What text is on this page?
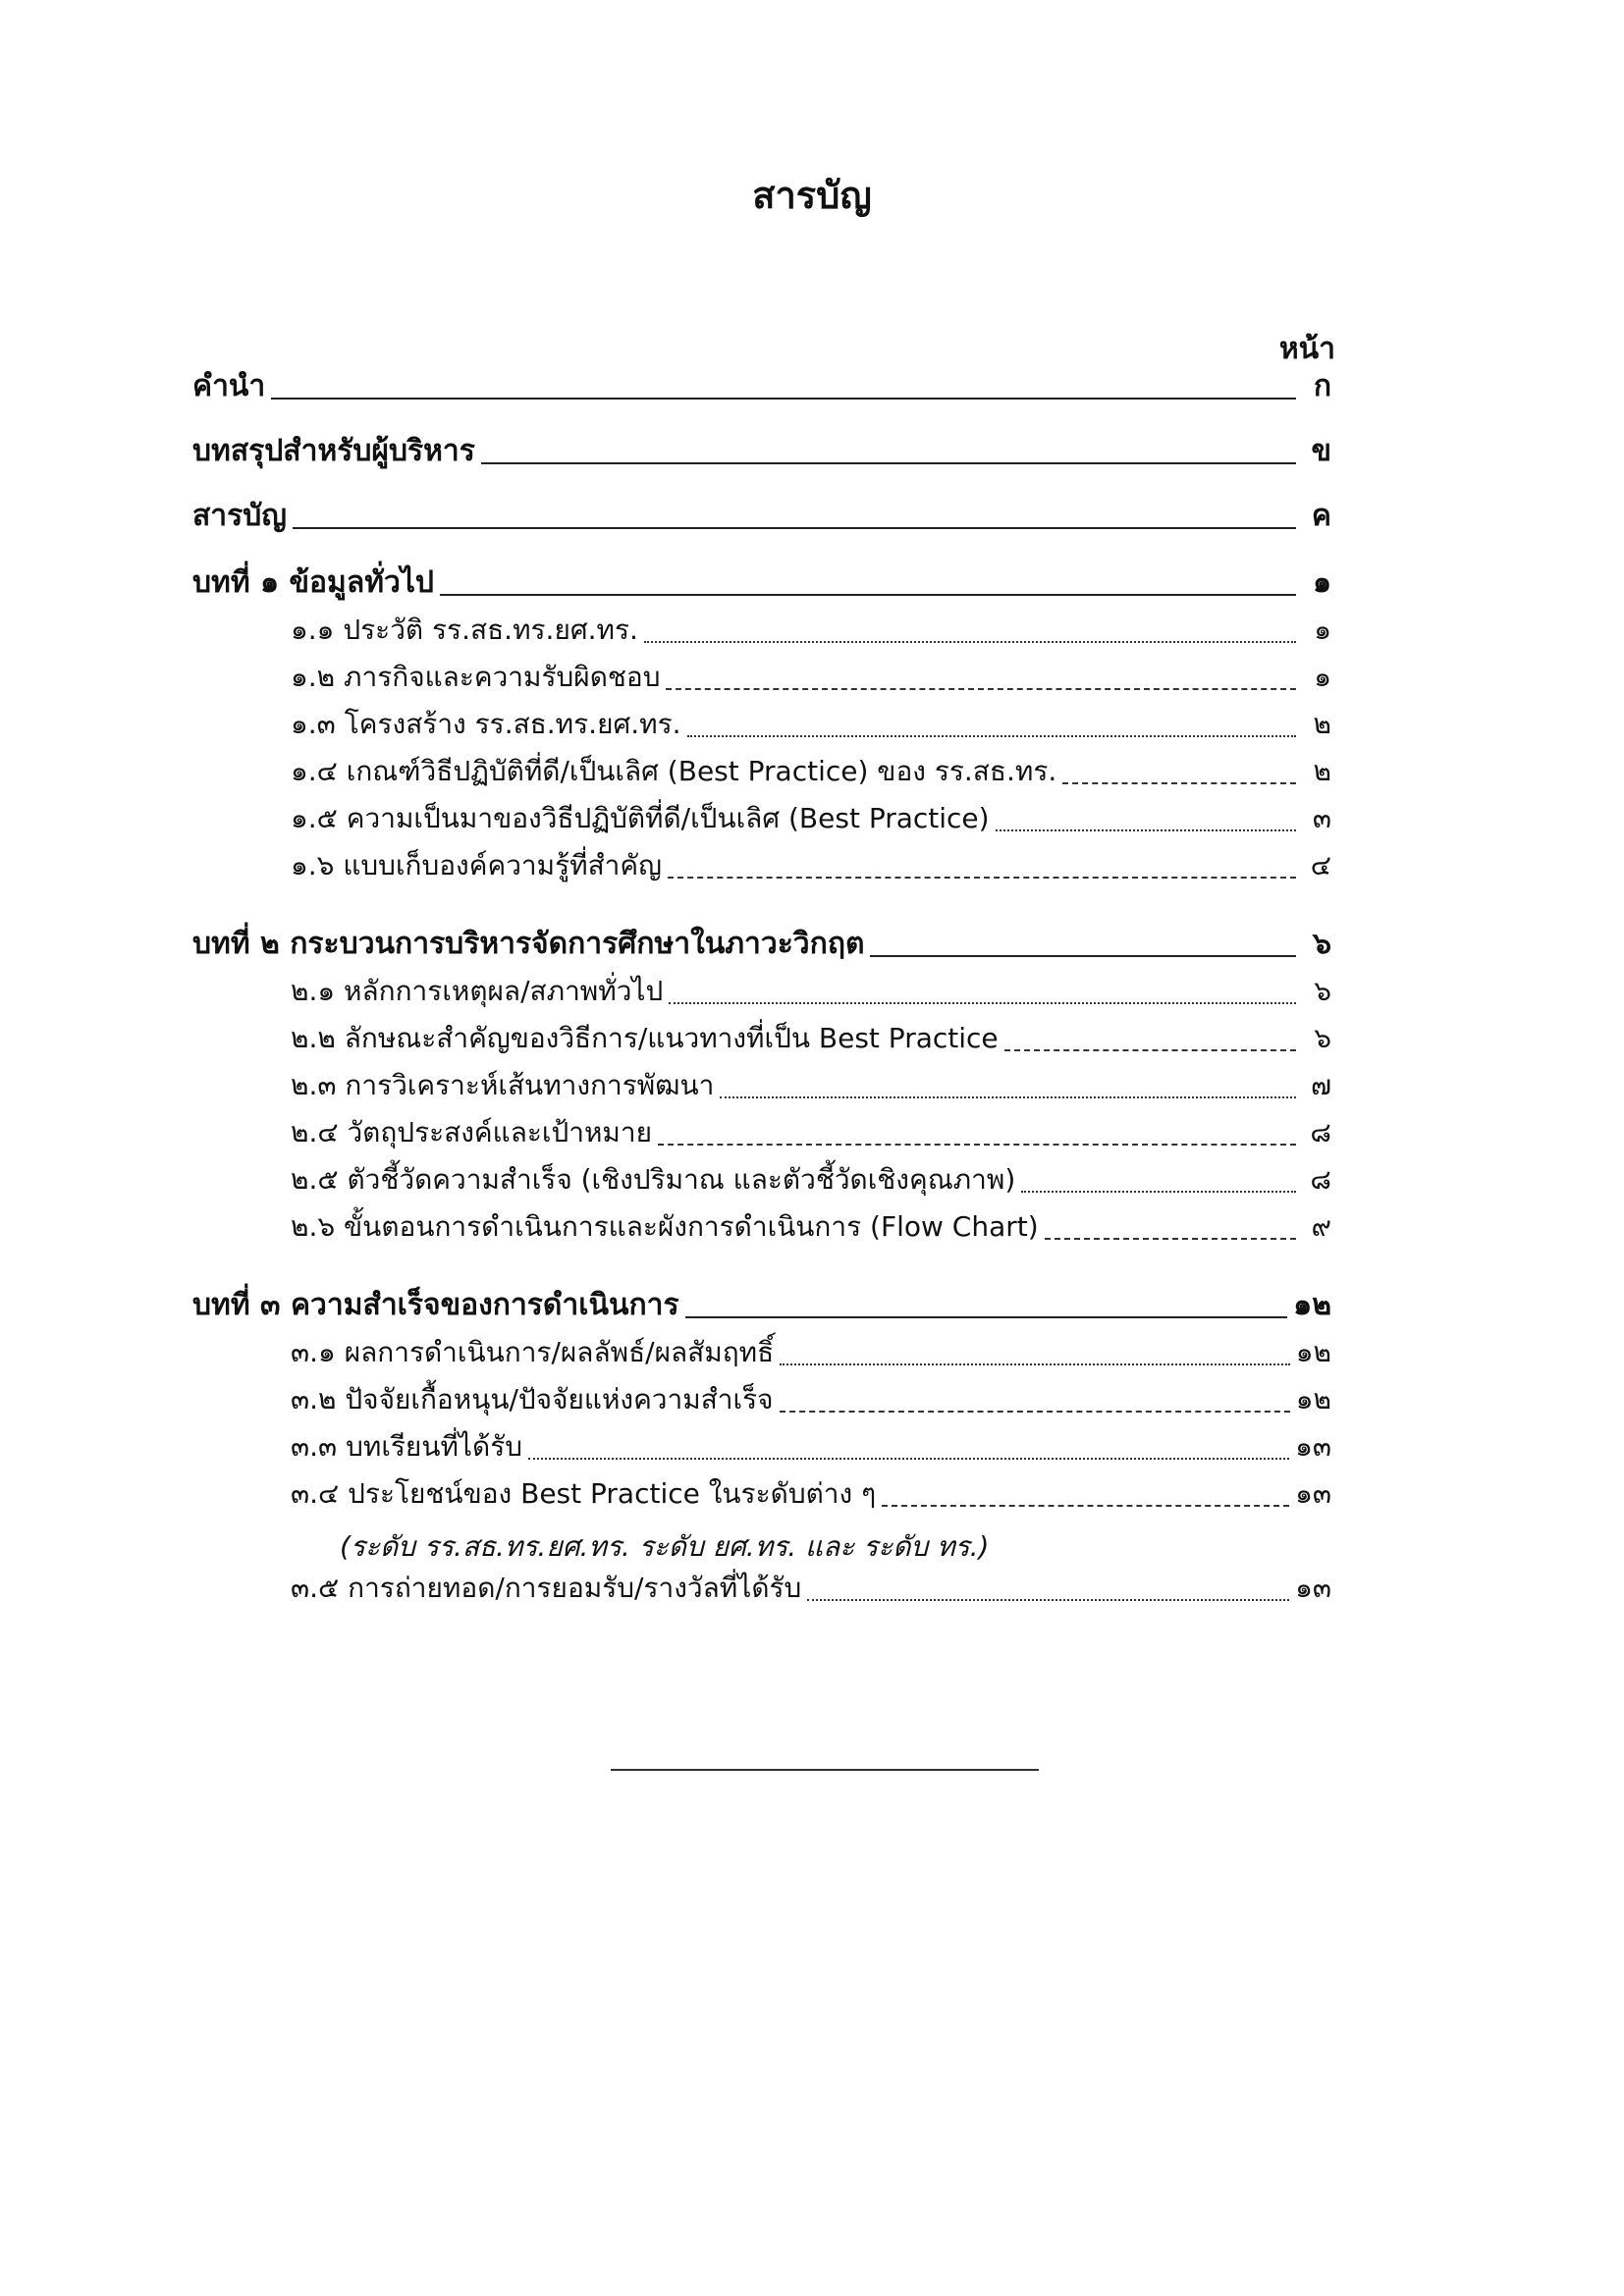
สารบัญ
หน้า
คำนำ	ก
บทสรุปสำหรับผู้บริหาร	ข
สารบัญ	ค
บทที่ ๑ ข้อมูลทั่วไป	๑
๑.๑ ประวัติ รร.สธ.ทร.ยศ.ทร.	๑
๑.๒ ภารกิจและความรับผิดชอบ	๑
๑.๓ โครงสร้าง รร.สธ.ทร.ยศ.ทร.	๒
๑.๔ เกณฑ์วิธีปฏิบัติที่ดี/เป็นเลิศ (Best Practice) ของ รร.สธ.ทร.	๒
๑.๕ ความเป็นมาของวิธีปฏิบัติที่ดี/เป็นเลิศ (Best Practice)	๓
๑.๖ แบบเก็บองค์ความรู้ที่สำคัญ	๔
บทที่ ๒ กระบวนการบริหารจัดการศึกษาในภาวะวิกฤต	๖
๒.๑ หลักการเหตุผล/สภาพทั่วไป	๖
๒.๒ ลักษณะสำคัญของวิธีการ/แนวทางที่เป็น Best Practice	๖
๒.๓ การวิเคราะห์เส้นทางการพัฒนา	๗
๒.๔ วัตถุประสงค์และเป้าหมาย	๘
๒.๕ ตัวชี้วัดความสำเร็จ (เชิงปริมาณ และตัวชี้วัดเชิงคุณภาพ)	๘
๒.๖ ขั้นตอนการดำเนินการและผังการดำเนินการ (Flow Chart)	๙
บทที่ ๓ ความสำเร็จของการดำเนินการ	๑๒
๓.๑ ผลการดำเนินการ/ผลลัพธ์/ผลสัมฤทธิ์	๑๒
๓.๒ ปัจจัยเกื้อหนุน/ปัจจัยแห่งความสำเร็จ	๑๒
๓.๓ บทเรียนที่ได้รับ	๑๓
๓.๔ ประโยชน์ของ Best Practice ในระดับต่าง ๆ	๑๓
(ระดับ รร.สธ.ทร.ยศ.ทร. ระดับ ยศ.ทร. และ ระดับ ทร.)
๓.๕ การถ่ายทอด/การยอมรับ/รางวัลที่ได้รับ	๑๓
